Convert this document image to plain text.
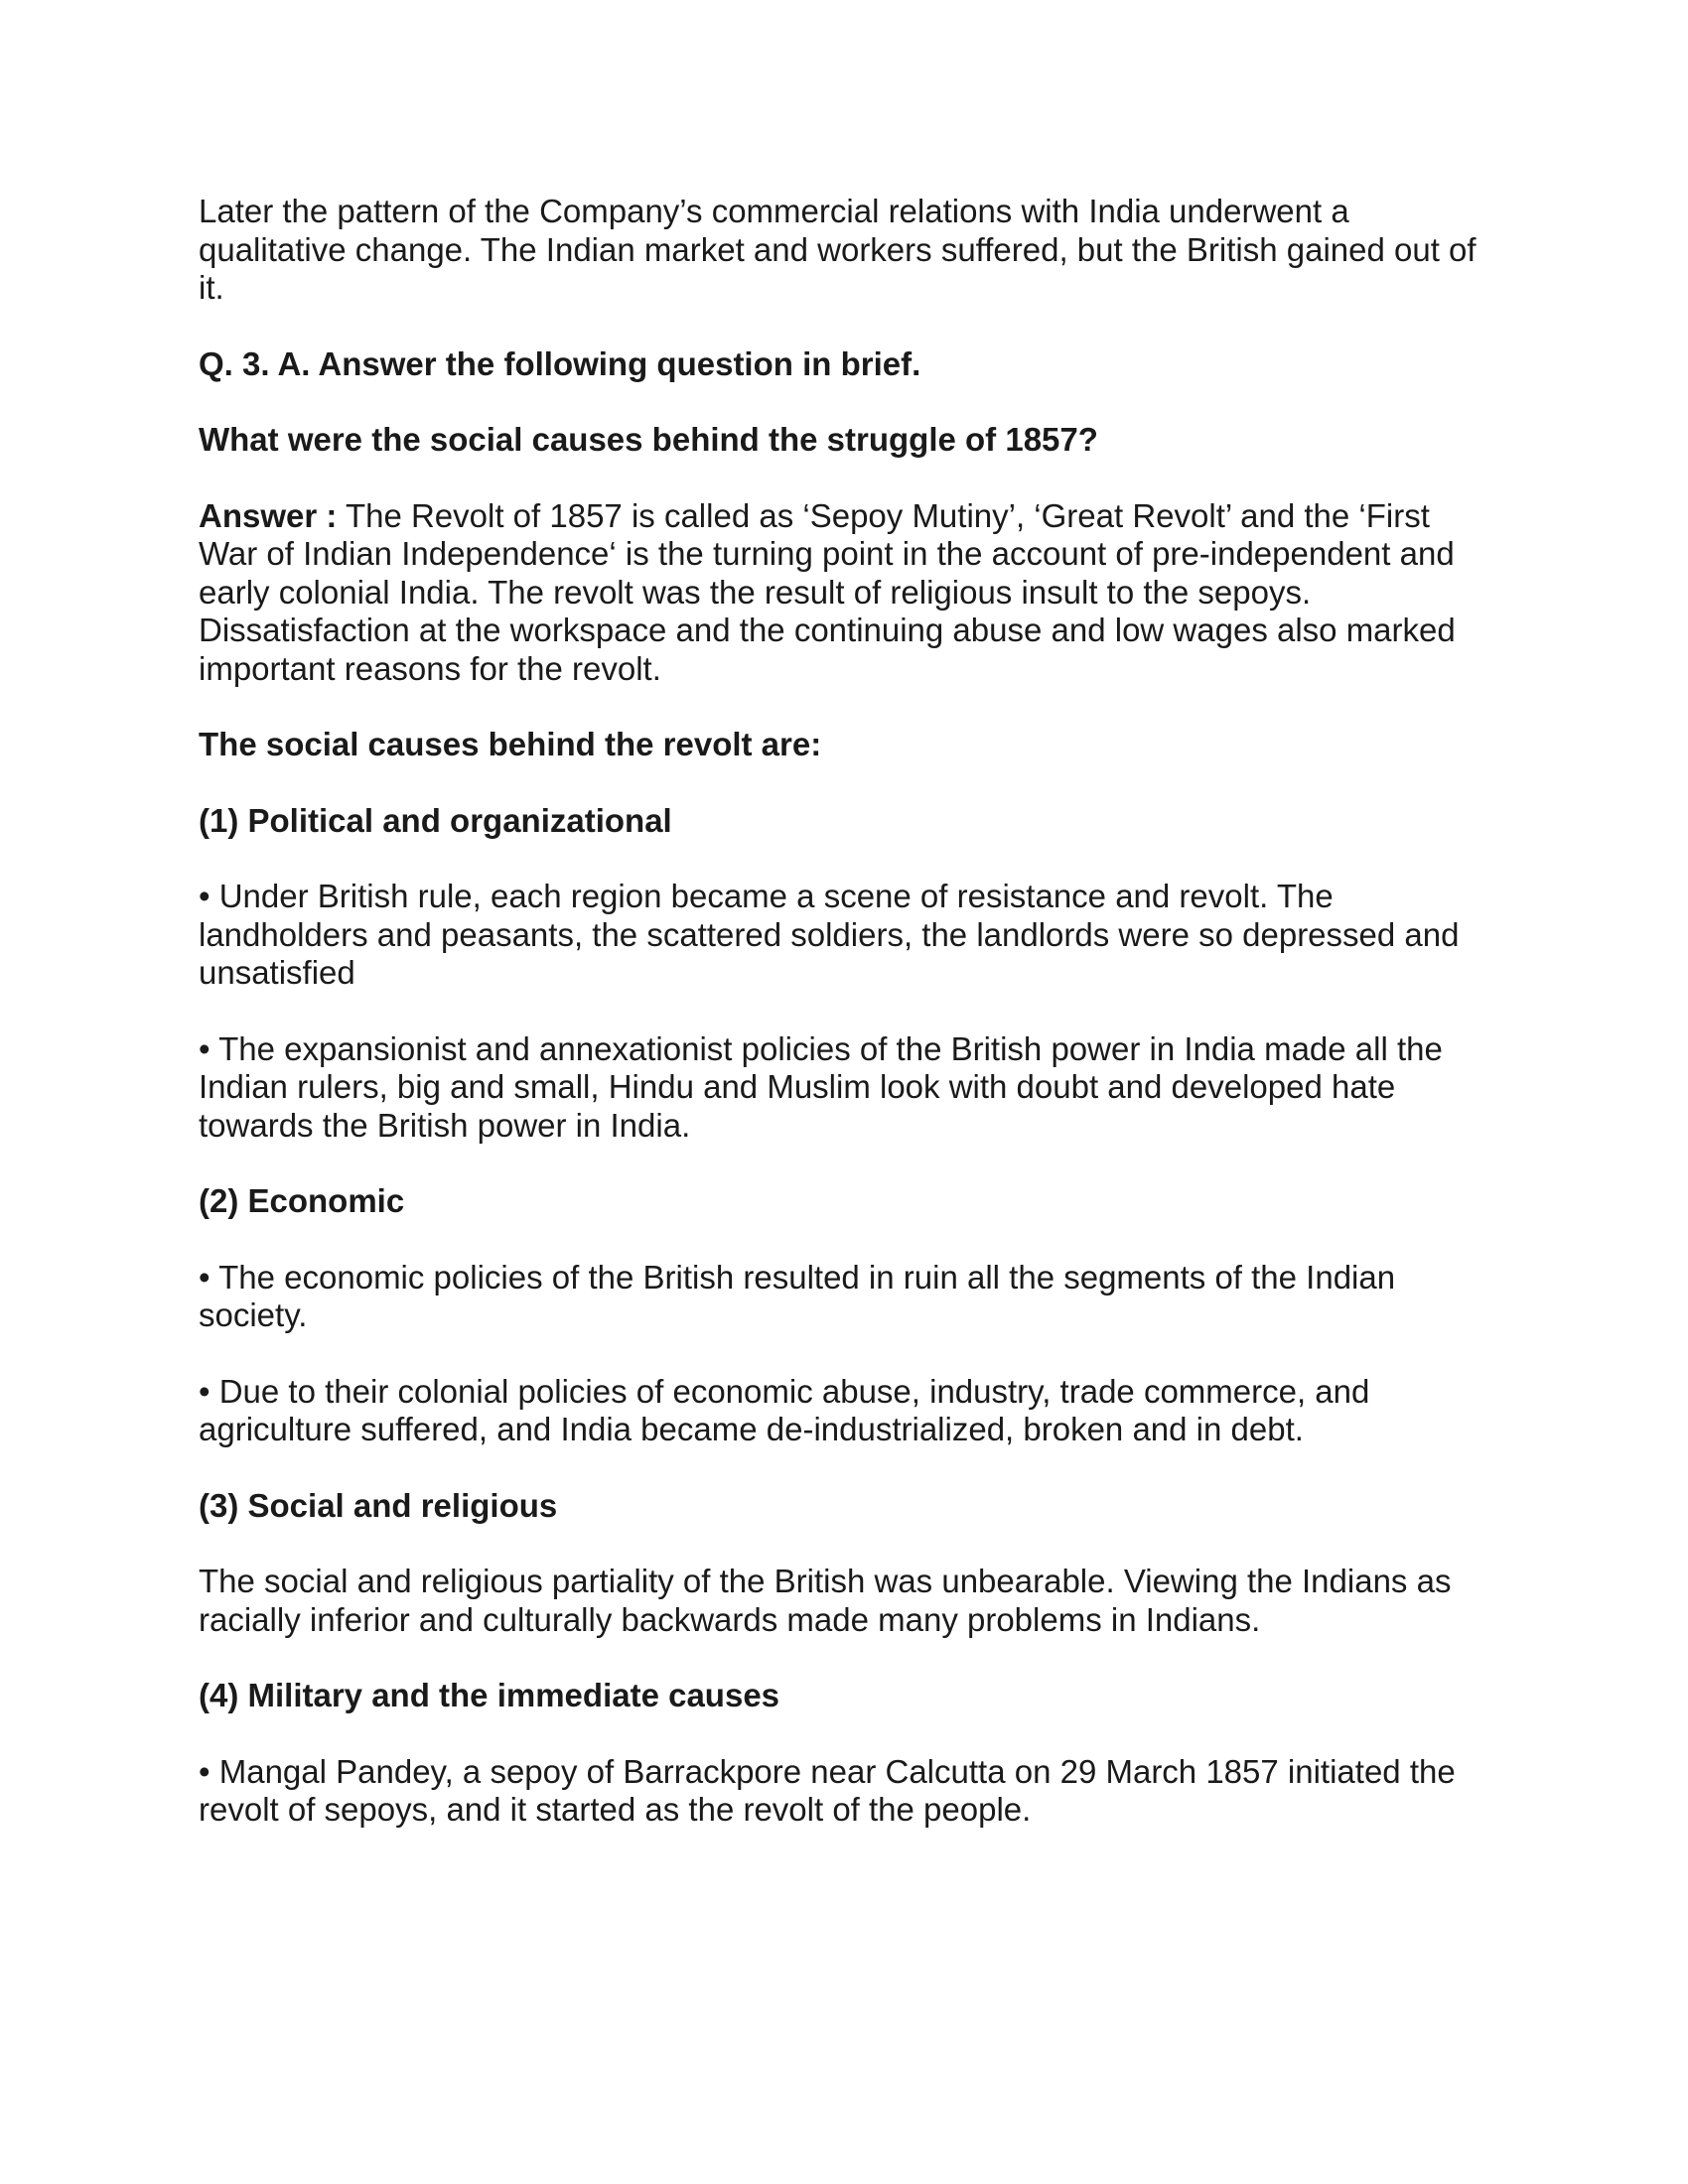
Later the pattern of the Company’s commercial relations with India underwent a qualitative change. The Indian market and workers suffered, but the British gained out of it.

Q. 3. A. Answer the following question in brief.

What were the social causes behind the struggle of 1857?

Answer : The Revolt of 1857 is called as ‘Sepoy Mutiny’, ‘Great Revolt’ and the ‘First War of Indian Independence‘ is the turning point in the account of pre-independent and early colonial India. The revolt was the result of religious insult to the sepoys. Dissatisfaction at the workspace and the continuing abuse and low wages also marked important reasons for the revolt.

The social causes behind the revolt are:

(1) Political and organizational

• Under British rule, each region became a scene of resistance and revolt. The landholders and peasants, the scattered soldiers, the landlords were so depressed and unsatisfied

• The expansionist and annexationist policies of the British power in India made all the Indian rulers, big and small, Hindu and Muslim look with doubt and developed hate towards the British power in India.

(2) Economic

• The economic policies of the British resulted in ruin all the segments of the Indian society.

• Due to their colonial policies of economic abuse, industry, trade commerce, and agriculture suffered, and India became de-industrialized, broken and in debt.

(3) Social and religious

The social and religious partiality of the British was unbearable. Viewing the Indians as racially inferior and culturally backwards made many problems in Indians.

(4) Military and the immediate causes

• Mangal Pandey, a sepoy of Barrackpore near Calcutta on 29 March 1857 initiated the revolt of sepoys, and it started as the revolt of the people.
